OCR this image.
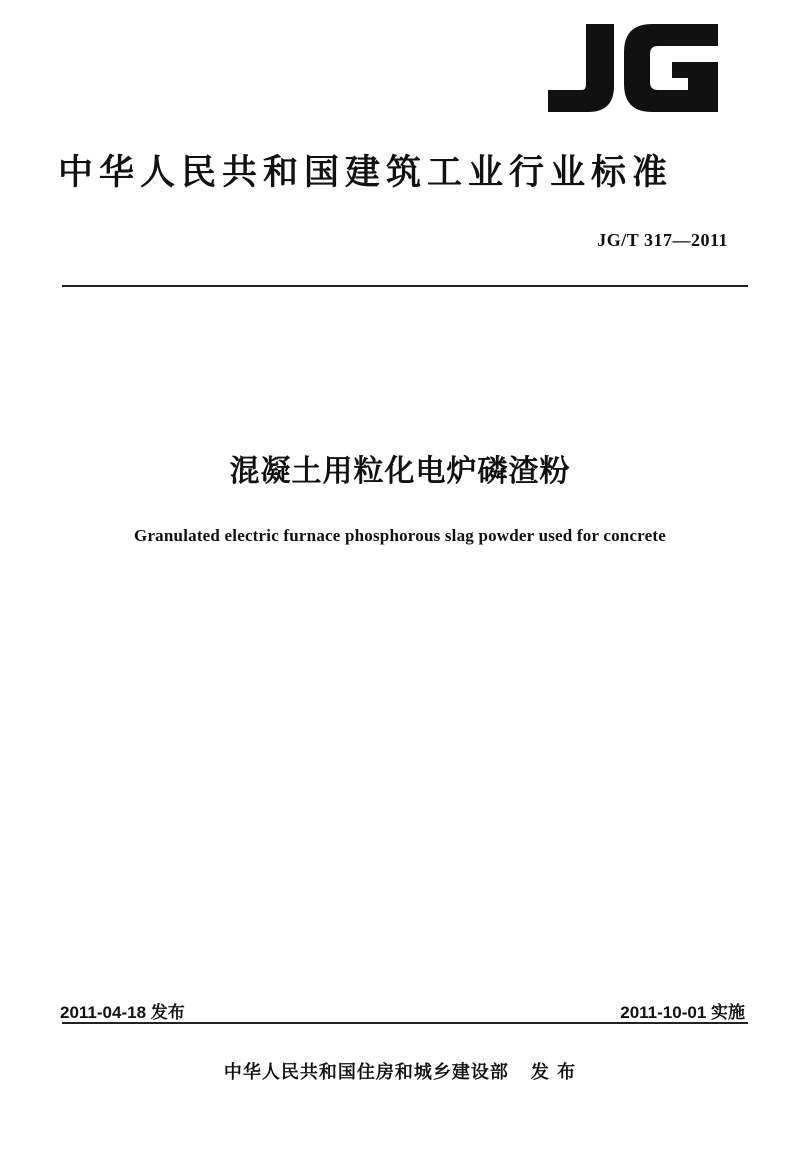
中华人民共和国建筑工业行业标准
JG/T 317—2011
混凝土用粒化电炉磷渣粉
Granulated electric furnace phosphorous slag powder used for concrete
2011-04-18 发布	2011-10-01 实施
中华人民共和国住房和城乡建设部 发 布
